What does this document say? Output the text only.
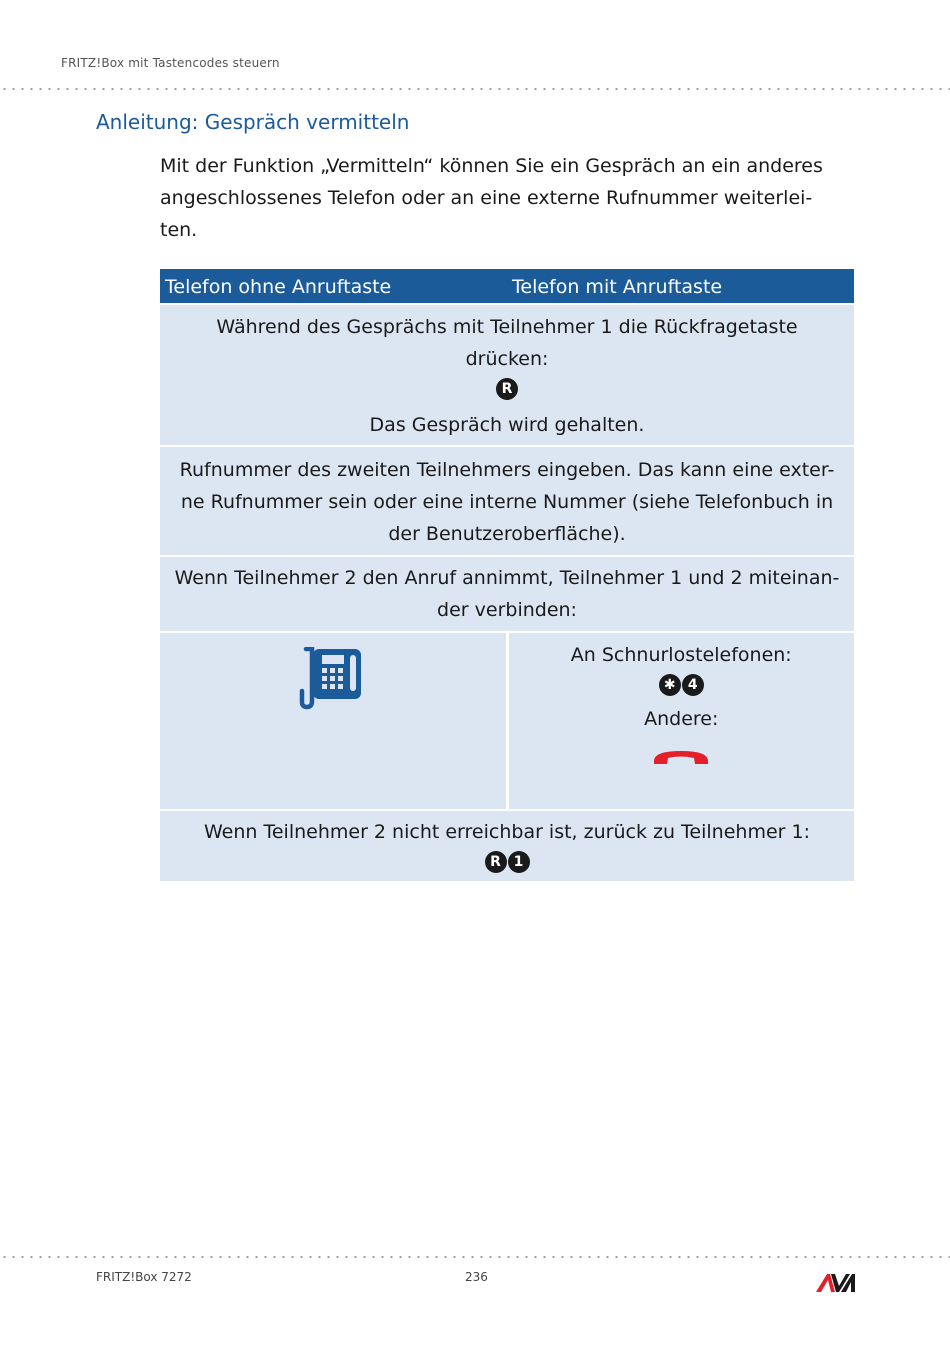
FRITZ!Box mit Tastencodes steuern
Anleitung: Gespräch vermitteln

Mit der Funktion „Vermitteln“ können Sie ein Gespräch an ein anderes
angeschlossenes Telefon oder an eine externe Rufnummer weiterlei-
ten.

Telefon ohne Anruftaste	Telefon mit Anruftaste

Während des Gesprächs mit Teilnehmer 1 die Rückfragetaste
drücken:
R
Das Gespräch wird gehalten.	

Rufnummer des zweiten Teilnehmers eingeben. Das kann eine exter-
ne Rufnummer sein oder eine interne Nummer (siehe Telefonbuch in
der Benutzeroberfläche).	

Wenn Teilnehmer 2 den Anruf annimmt, Teilnehmer 1 und 2 miteinan-
der verbinden:	

An Schnurlostelefonen:
✱ 4
Andere:

Wenn Teilnehmer 2 nicht erreichbar ist, zurück zu Teilnehmer 1:
R 1	
FRITZ!Box 7272	236
